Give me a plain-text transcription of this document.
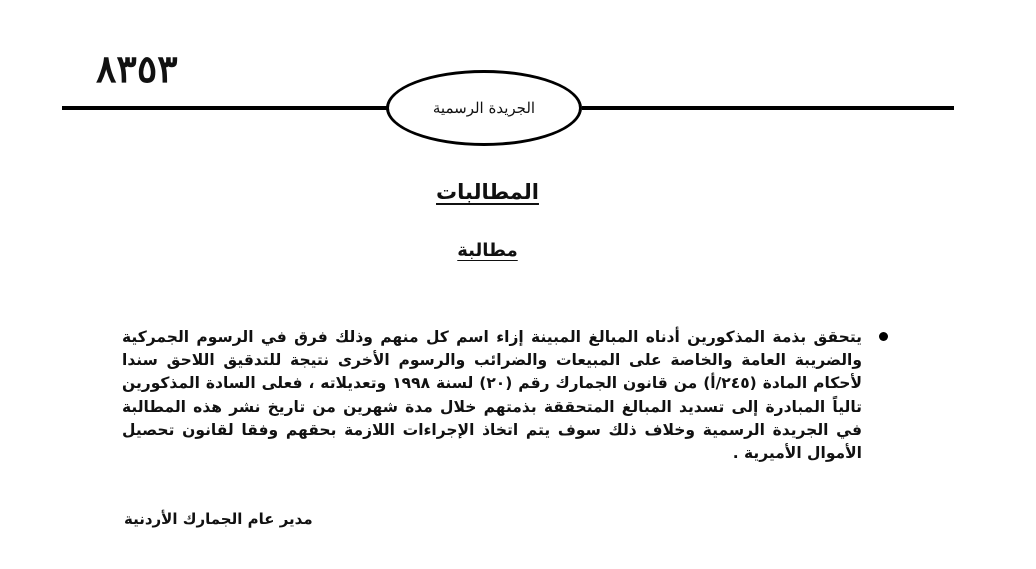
٨٣٥٣
الجريدة الرسمية
المطالبات
مطالبة

يتحقق بذمة المذكورين أدناه المبالغ المبينة إزاء اسم كل منهم وذلك فرق في الرسوم الجمركية والضريبة العامة والخاصة على المبيعات والضرائب والرسوم الأخرى نتيجة للتدقيق اللاحق سندا لأحكام المادة (٢٤٥/أ) من قانون الجمارك رقم (٢٠) لسنة ١٩٩٨ وتعديلاته ، فعلى السادة المذكورين تالياً المبادرة إلى تسديد المبالغ المتحققة بذمتهم خلال مدة شهرين من تاريخ نشر هذه المطالبة في الجريدة الرسمية وخلاف ذلك سوف يتم اتخاذ الإجراءات اللازمة بحقهم وفقا لقانون تحصيل الأموال الأميرية .

مدير عام الجمارك الأردنية
